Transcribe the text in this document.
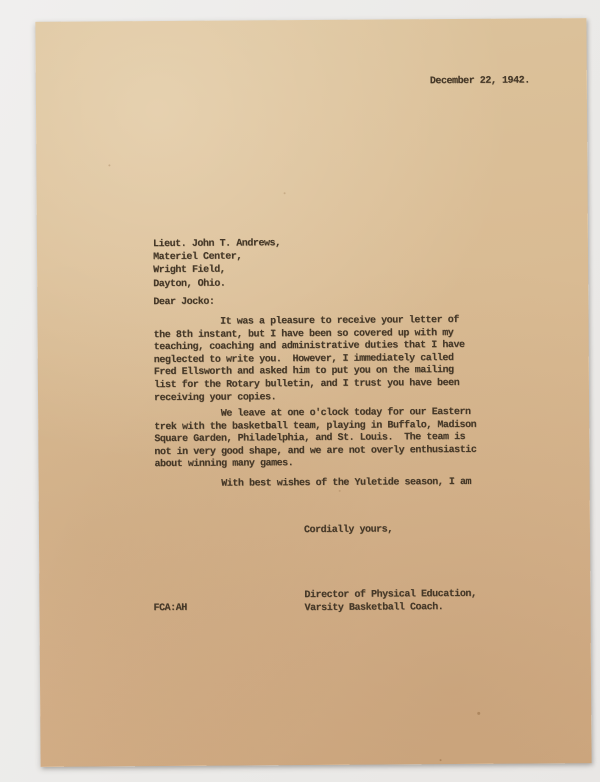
December 22, 1942.
Lieut. John T. Andrews,
Materiel Center,
Wright Field,
Dayton, Ohio.
Dear Jocko:
It was a pleasure to receive your letter of
the 8th instant, but I have been so covered up with my
teaching, coaching and administrative duties that I have
neglected to write you.  However, I immediately called
Fred Ellsworth and asked him to put you on the mailing
list for the Rotary bulletin, and I trust you have been
receiving your copies.
We leave at one o'clock today for our Eastern
trek with the basketball team, playing in Buffalo, Madison
Square Garden, Philadelphia, and St. Louis.  The team is
not in very good shape, and we are not overly enthusiastic
about winning many games.
With best wishes of the Yuletide season, I am
Cordially yours,
Director of Physical Education,
Varsity Basketball Coach.
FCA:AH
